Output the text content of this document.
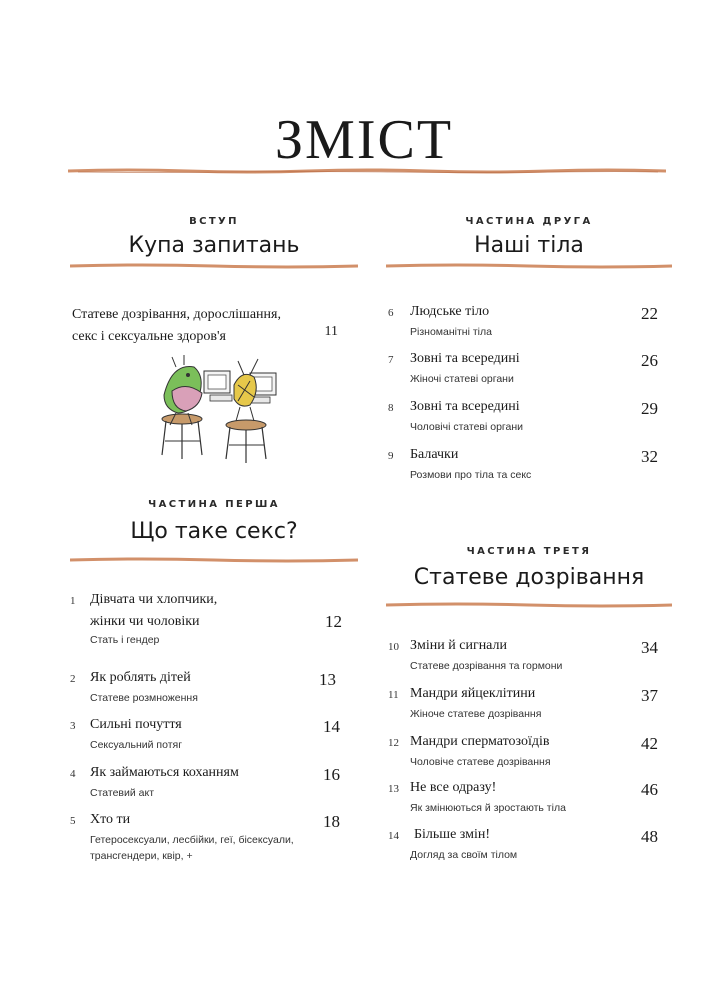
ЗМІСТ
ВСТУП
Купа запитань
Статеве дозрівання, дорослішання,
секс і сексуальне здоров'я	11
ЧАСТИНА ПЕРША
Що таке секс?
1 Дівчата чи хлопчики,
жінки чи чоловіки
Стать і гендер
12
2 Як роблять дітей
Статеве розмноження
13
3 Сильні почуття
Сексуальний потяг
14
4 Як займаються коханням
Статевий акт
16
5 Хто ти
Гетеросексуали, лесбійки, геї, бісексуали,
трансгендери, квір, +
18
ЧАСТИНА ДРУГА
Наші тіла
6 Людське тіло
Різноманітні тіла
22
7 Зовні та всередині
Жіночі статеві органи
26
8 Зовні та всередині
Чоловічі статеві органи
29
9 Балачки
Розмови про тіла та секс
32
ЧАСТИНА ТРЕТЯ
Статеве дозрівання
10 Зміни й сигнали
Статеве дозрівання та гормони
34
11 Мандри яйцеклітини
Жіноче статеве дозрівання
37
12 Мандри сперматозоїдів
Чоловіче статеве дозрівання
42
13 Не все одразу!
Як змінюються й зростають тіла
46
14 Більше змін!
Догляд за своїм тілом
48
